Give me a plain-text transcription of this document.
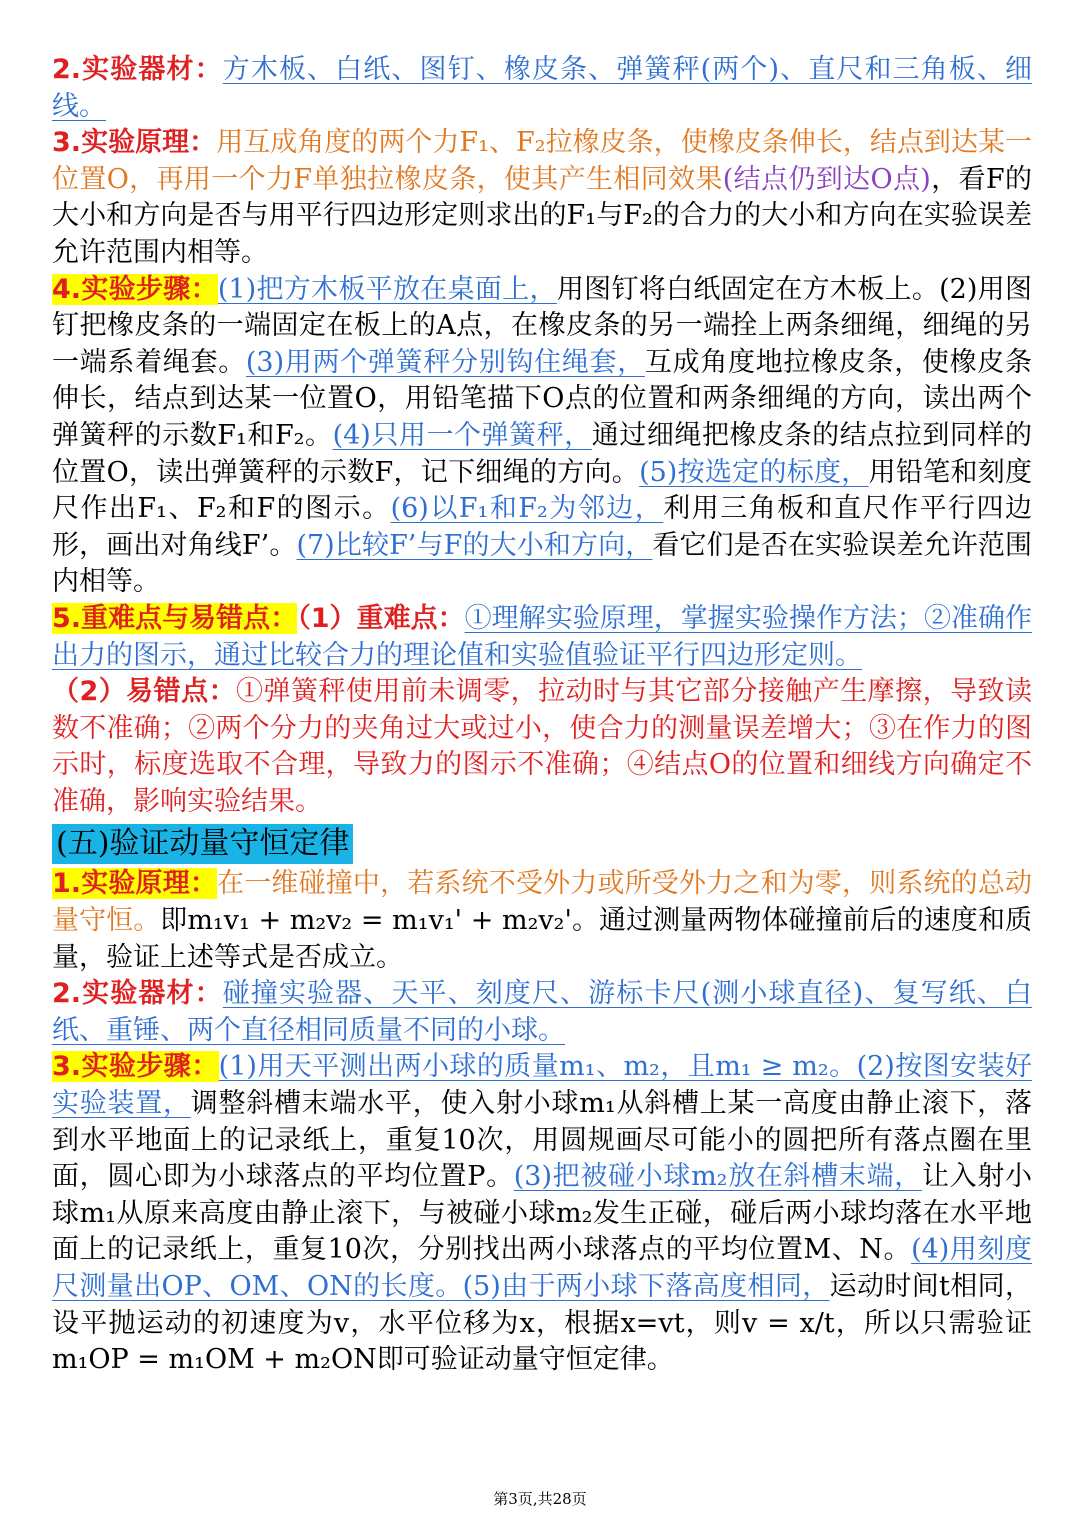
2.实验器材：方木板、白纸、图钉、橡皮条、弹簧秤(两个)、直尺和三角板、细线。

3.实验原理：用互成角度的两个力F₁、F₂拉橡皮条，使橡皮条伸长，结点到达某一位置O，再用一个力F单独拉橡皮条，使其产生相同效果(结点仍到达O点)，看F的大小和方向是否与用平行四边形定则求出的F₁与F₂的合力的大小和方向在实验误差允许范围内相等。

4.实验步骤：(1)把方木板平放在桌面上，用图钉将白纸固定在方木板上。(2)用图钉把橡皮条的一端固定在板上的A点，在橡皮条的另一端拴上两条细绳，细绳的另一端系着绳套。(3)用两个弹簧秤分别钩住绳套，互成角度地拉橡皮条，使橡皮条伸长，结点到达某一位置O，用铅笔描下O点的位置和两条细绳的方向，读出两个弹簧秤的示数F₁和F₂。(4)只用一个弹簧秤，通过细绳把橡皮条的结点拉到同样的位置O，读出弹簧秤的示数F，记下细绳的方向。(5)按选定的标度，用铅笔和刻度尺作出F₁、F₂和F的图示。(6)以F₁和F₂为邻边，利用三角板和直尺作平行四边形，画出对角线F’。(7)比较F’与F的大小和方向，看它们是否在实验误差允许范围内相等。

5.重难点与易错点：（1）重难点：①理解实验原理，掌握实验操作方法；②准确作出力的图示，通过比较合力的理论值和实验值验证平行四边形定则。

（2）易错点：①弹簧秤使用前未调零，拉动时与其它部分接触产生摩擦，导致读数不准确；②两个分力的夹角过大或过小，使合力的测量误差增大；③在作力的图示时，标度选取不合理，导致力的图示不准确；④结点O的位置和细线方向确定不准确，影响实验结果。

(五)验证动量守恒定律

1.实验原理：在一维碰撞中，若系统不受外力或所受外力之和为零，则系统的总动量守恒。即m₁v₁ + m₂v₂ = m₁v₁' + m₂v₂'。通过测量两物体碰撞前后的速度和质量，验证上述等式是否成立。

2.实验器材：碰撞实验器、天平、刻度尺、游标卡尺(测小球直径)、复写纸、白纸、重锤、两个直径相同质量不同的小球。

3.实验步骤：(1)用天平测出两小球的质量m₁、m₂，且m₁ ≥ m₂。(2)按图安装好实验装置，调整斜槽末端水平，使入射小球m₁从斜槽上某一高度由静止滚下，落到水平地面上的记录纸上，重复10次，用圆规画尽可能小的圆把所有落点圈在里面，圆心即为小球落点的平均位置P。(3)把被碰小球m₂放在斜槽末端，让入射小球m₁从原来高度由静止滚下，与被碰小球m₂发生正碰，碰后两小球均落在水平地面上的记录纸上，重复10次，分别找出两小球落点的平均位置M、N。(4)用刻度尺测量出OP、OM、ON的长度。(5)由于两小球下落高度相同，运动时间t相同，设平抛运动的初速度为v，水平位移为x，根据x=vt，则v = x/t，所以只需验证m₁OP = m₁OM + m₂ON即可验证动量守恒定律。

第3页,共28页
